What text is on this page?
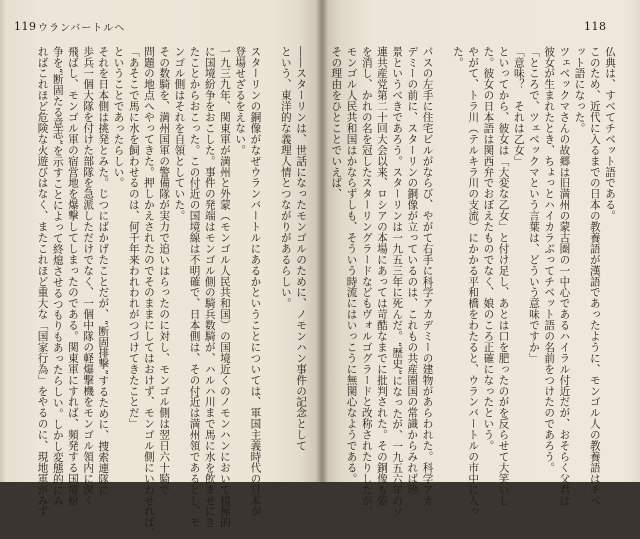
119 ウランバートルへ	118
仏典は、すべてチベット語である。
このため、近代に入るまでの日本の教養語が漢語であったように、モンゴル人の教養語はチベ
ット語になった。
ツェベックマさんの故郷は旧満州の蒙古圏の一中心であるハイラル付近だが、おそらく父君は
彼女が生まれたとき、ちょっとハイカラぶってチベット語の名前をつけたのであろう。
「ところで、ツェベックマという言葉は、どういう意味ですか」
「意味？　それは乙女」
といってから、彼女は「大変な乙女」と付け足し、あとは口を肥ったのがを反らせて大笑いし
た。彼女の日本語は関西弁でおぼえたものでなく、娘のころ正確になったという。
やがて、トラ川（テルキラ川の支流）にかかる平和橋をわたると、ウランバートルの市中に入っ
た。

パスの左手に住宅ビルがならび、やがて右手に科学アカデミーの建物があらわれた。科学アカ
デミーの前に、スターリンの銅像が立っているのは、これもの共産圏国の常識からみれば珍
景というべきであろう。スターリンは一九五三年に死んだ。“歴史”になったが、一九五六年のソ
連共産党第二十回大会以来、ロシアの本場にあっては苛酷なまでに批判された。その銅像も姿
を消し、かれの名を冠したスターリングラードなどもヴォルゴグラードと改称されたりしたが、
モンゴル人民共和国はかならずしも、そういう時流にはいっこうに無関心なようである。
その理由をひとことでいえば、
――スターリンは、世話になったモンゴルのために、ノモンハン事件の記念として
という、東洋的な義理人情とつながりがあるらしい。

スターリンの銅像がなぜウランバートルにあるかということについては、軍国主義時代の日本が
登場せざるをえない。
一九三九年、関東軍が満州と外蒙（モンゴル人民共和国）の国境近くのノモンハンにおいて積極的
に国境紛争をおこした。事件の発端はモンゴル側の騎兵数騎が、ハルハ川まで馬に水を飲ませにき
たことからおこった。この付近の国境線は不明確で、日本側は、その付近は満州領であるとし、モ
ンゴル側はそれを自領としていた。
その数騎を、満州国軍の警備隊が実力で追いはらったのに対し、モンゴル側は翌日六十騎で
問題の地点へやってきた。押しかえされたのでそのままにしてはおけず、モンゴル側にいわせれば、
「あそこで馬に水を飼わせるのは、何千年来われわれがつづけてきたことだ」
ということであったらしい。
それを日本側は挑発とみた。じつにばかげたことだが、“断固排撃”するために、捜索連隊に
歩兵一個大隊を付けた部隊を急派しただけでなく、一個中隊の軽爆撃機をモンゴル領内に深く
飛ばし、モンゴル軍の宿営地を爆撃してしまったのである。関東軍にすれば、頻発する国境紛
争を“断固たる意志”を示すことによって終熄させるつもりもあったらしい。しかし変態的にみ
ればこれほど危険な火遊びはなく、またこれほど重大な「国家行為」をやるのに、現地軍がみず
